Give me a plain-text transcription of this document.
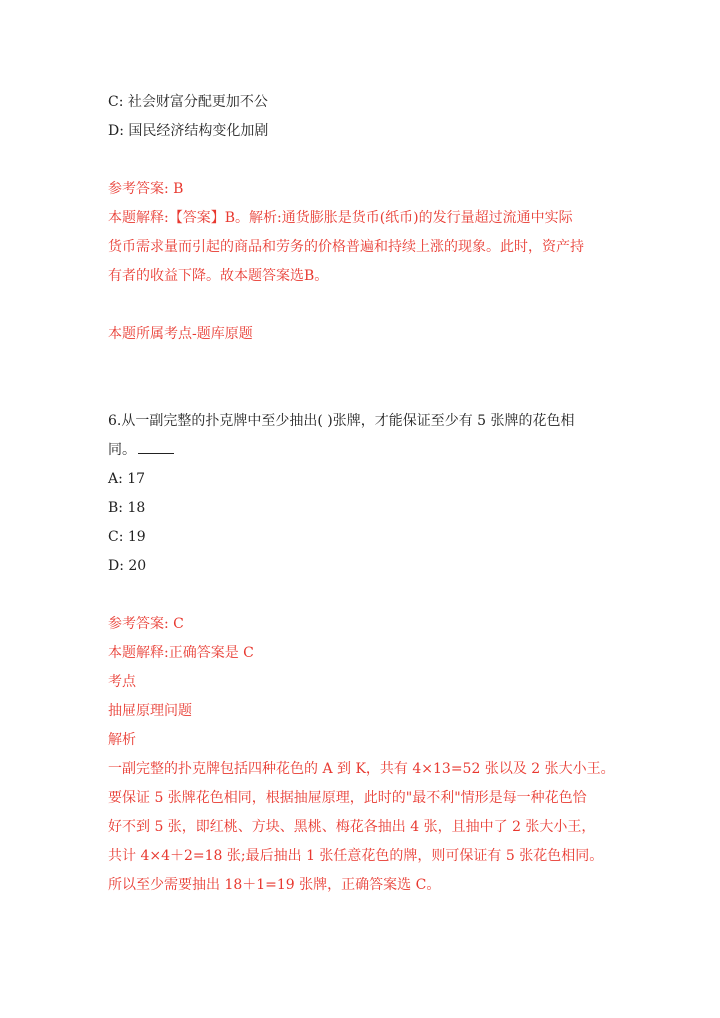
C: 社会财富分配更加不公
D: 国民经济结构变化加剧
参考答案: B
本题解释:【答案】B。解析:通货膨胀是货币(纸币)的发行量超过流通中实际
货币需求量而引起的商品和劳务的价格普遍和持续上涨的现象。此时，资产持
有者的收益下降。故本题答案选B。
本题所属考点-题库原题
6.从一副完整的扑克牌中至少抽出( )张牌，才能保证至少有 5 张牌的花色相
同。
A: 17
B: 18
C: 19
D: 20
参考答案: C
本题解释:正确答案是 C
考点
抽屉原理问题
解析
一副完整的扑克牌包括四种花色的 A 到 K，共有 4×13=52 张以及 2 张大小王。
要保证 5 张牌花色相同，根据抽屉原理，此时的"最不利"情形是每一种花色恰
好不到 5 张，即红桃、方块、黑桃、梅花各抽出 4 张，且抽中了 2 张大小王，
共计 4×4＋2=18 张;最后抽出 1 张任意花色的牌，则可保证有 5 张花色相同。
所以至少需要抽出 18＋1=19 张牌，正确答案选 C。
